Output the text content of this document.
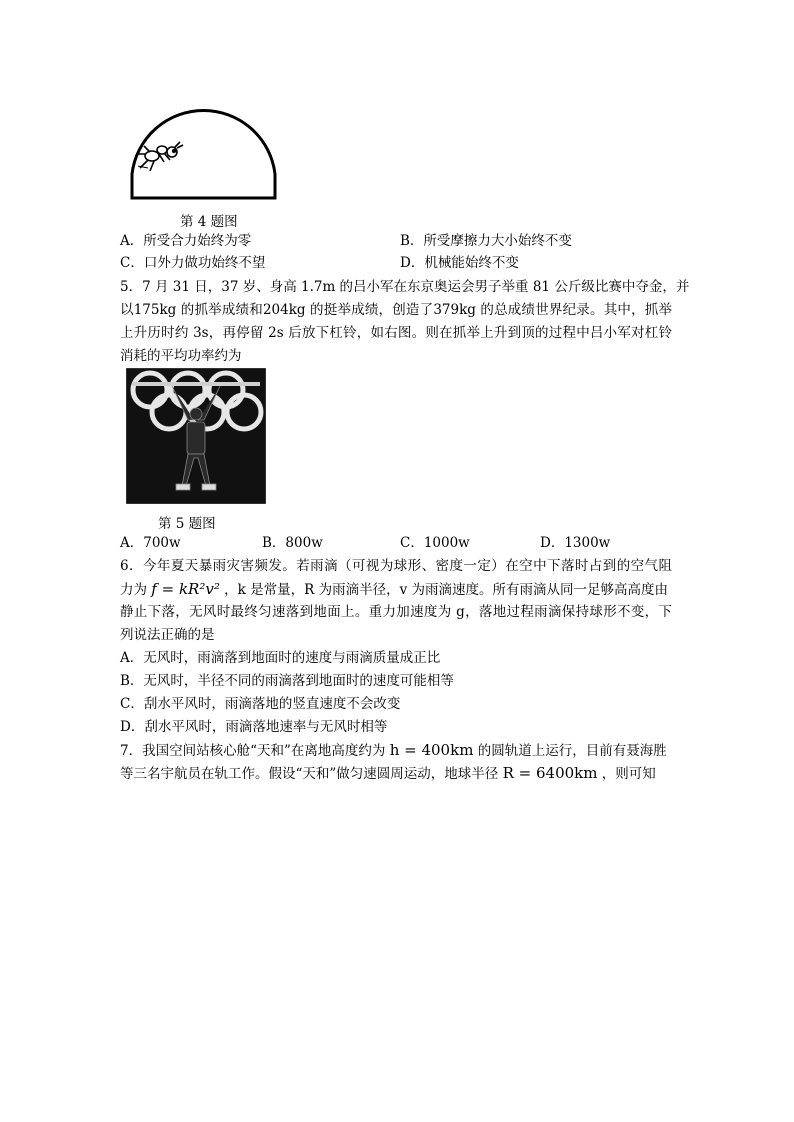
第 4 题图
A．所受合力始终为零	B．所受摩擦力大小始终不变
C．口外力做功始终不望	D．机械能始终不变
5．7 月 31 日，37 岁、身高 1.7m 的吕小军在东京奥运会男子举重 81 公斤级比赛中夺金，并
以175kg 的抓举成绩和204kg 的挺举成绩，创造了379kg 的总成绩世界纪录。其中，抓举
上升历时约 3s，再停留 2s 后放下杠铃，如右图。则在抓举上升到顶的过程中吕小军对杠铃
消耗的平均功率约为
第 5 题图
A．700w	B．800w	C．1000w	D．1300w
6．今年夏天暴雨灾害频发。若雨滴（可视为球形、密度一定）在空中下落时占到的空气阻
力为 f = kR²v² ，k 是常量，R 为雨滴半径，v 为雨滴速度。所有雨滴从同一足够高高度由
静止下落，无风时最终匀速落到地面上。重力加速度为 g，落地过程雨滴保持球形不变，下
列说法正确的是
A．无风时，雨滴落到地面时的速度与雨滴质量成正比
B．无风时，半径不同的雨滴落到地面时的速度可能相等
C．刮水平风时，雨滴落地的竖直速度不会改变
D．刮水平风时，雨滴落地速率与无风时相等
7．我国空间站核心舱“天和”在离地高度约为 h = 400km 的圆轨道上运行，目前有聂海胜
等三名宇航员在轨工作。假设“天和”做匀速圆周运动，地球半径 R = 6400km ，则可知
